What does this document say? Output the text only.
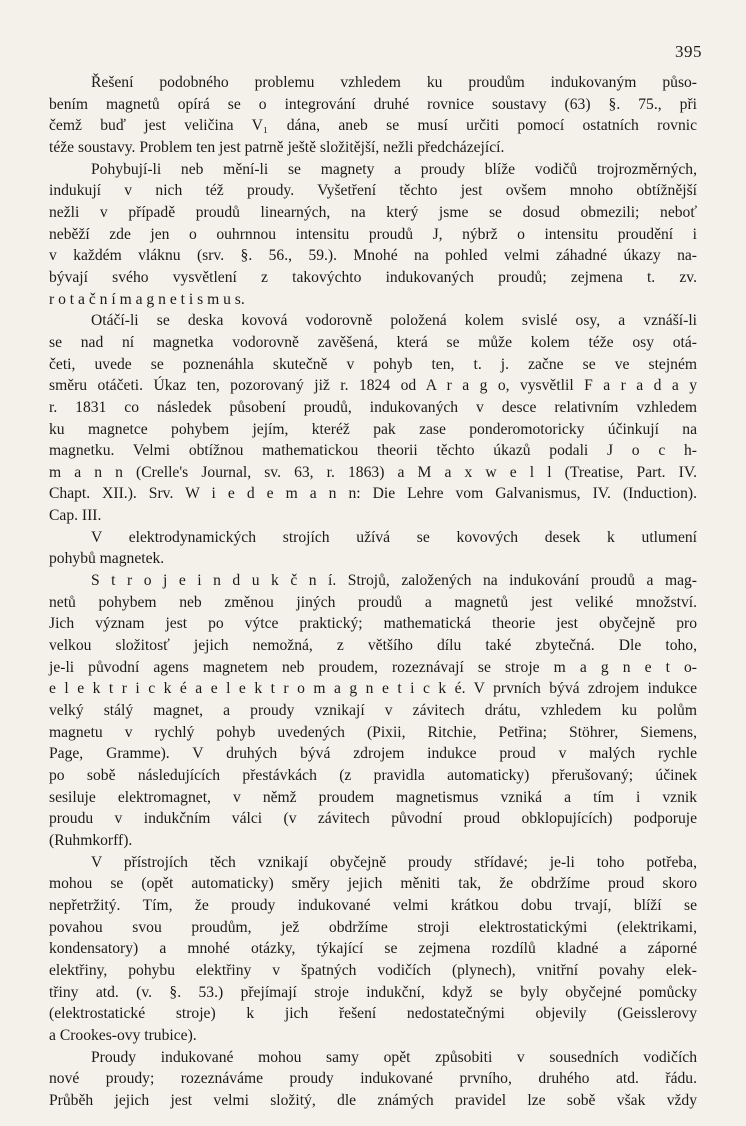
395
Řešení podobného problemu vzhledem ku proudům indukovaným půso-
bením magnetů opírá se o integrování druhé rovnice soustavy (63) §. 75., při
čemž buď jest veličina V₁ dána, aneb se musí určiti pomocí ostatních rovnic
téže soustavy. Problem ten jest patrně ještě složitější, nežli předcházející.
Pohybují-li neb mění-li se magnety a proudy blíže vodičů trojrozměrných,
indukují v nich též proudy. Vyšetření těchto jest ovšem mnoho obtížnější
nežli v případě proudů linearných, na který jsme se dosud obmezili; neboť
neběží zde jen o ouhrnnou intensitu proudů J, nýbrž o intensitu proudění i
v každém vláknu (srv. §. 56., 59.). Mnohé na pohled velmi záhadné úkazy na-
bývají svého vysvětlení z takovýchto indukovaných proudů; zejmena t. zv.
r o t a č n í m a g n e t i s m u s.
Otáčí-li se deska kovová vodorovně položená kolem svislé osy, a vznáší-li
se nad ní magnetka vodorovně zavěšená, která se může kolem téže osy otá-
četi, uvede se poznenáhla skutečně v pohyb ten, t. j. začne se ve stejném
směru otáčeti. Úkaz ten, pozorovaný již r. 1824 od A r a g o, vysvětlil F a r a d a y
r. 1831 co následek působení proudů, indukovaných v desce relativním vzhledem
ku magnetce pohybem jejím, kteréž pak zase ponderomotoricky účinkují na
magnetku. Velmi obtížnou mathematickou theorii těchto úkazů podali J o c h-
m a n n (Crelle's Journal, sv. 63, r. 1863) a M a x w e l l (Treatise, Part. IV.
Chapt. XII.). Srv. W i e d e m a n n: Die Lehre vom Galvanismus, IV. (Induction).
Cap. III.
V elektrodynamických strojích užívá se kovových desek k utlumení
pohybů magnetek.
S t r o j e i n d u k č n í. Strojů, založených na indukování proudů a mag-
netů pohybem neb změnou jiných proudů a magnetů jest veliké množství.
Jich význam jest po výtce praktický; mathematická theorie jest obyčejně pro
velkou složitosť jejich nemožná, z většího dílu také zbytečná. Dle toho,
je-li původní agens magnetem neb proudem, rozeznávají se stroje m a g n e t o-
e l e k t r i c k é a e l e k t r o m a g n e t i c k é. V prvních bývá zdrojem indukce
velký stálý magnet, a proudy vznikají v závitech drátu, vzhledem ku polům
magnetu v rychlý pohyb uvedených (Pixii, Ritchie, Petřina; Stöhrer, Siemens,
Page, Gramme). V druhých bývá zdrojem indukce proud v malých rychle
po sobě následujících přestávkách (z pravidla automaticky) přerušovaný; účinek
sesiluje elektromagnet, v němž proudem magnetismus vzniká a tím i vznik
proudu v indukčním válci (v závitech původní proud obklopujících) podporuje
(Ruhmkorff).
V přístrojích těch vznikají obyčejně proudy střídavé; je-li toho potřeba,
mohou se (opět automaticky) směry jejich měniti tak, že obdržíme proud skoro
nepřetržitý. Tím, že proudy indukované velmi krátkou dobu trvají, blíží se
povahou svou proudům, jež obdržíme stroji elektrostatickými (elektrikami,
kondensatory) a mnohé otázky, týkající se zejmena rozdílů kladné a záporné
elektřiny, pohybu elektřiny v špatných vodičích (plynech), vnitřní povahy elek-
třiny atd. (v. §. 53.) přejímají stroje indukční, když se byly obyčejné pomůcky
(elektrostatické stroje) k jich řešení nedostatečnými objevily (Geisslerovy
a Crookes-ovy trubice).
Proudy indukované mohou samy opět způsobiti v sousedních vodičích
nové proudy; rozeznáváme proudy indukované prvního, druhého atd. řádu.
Průběh jejich jest velmi složitý, dle známých pravidel lze sobě však vždy
